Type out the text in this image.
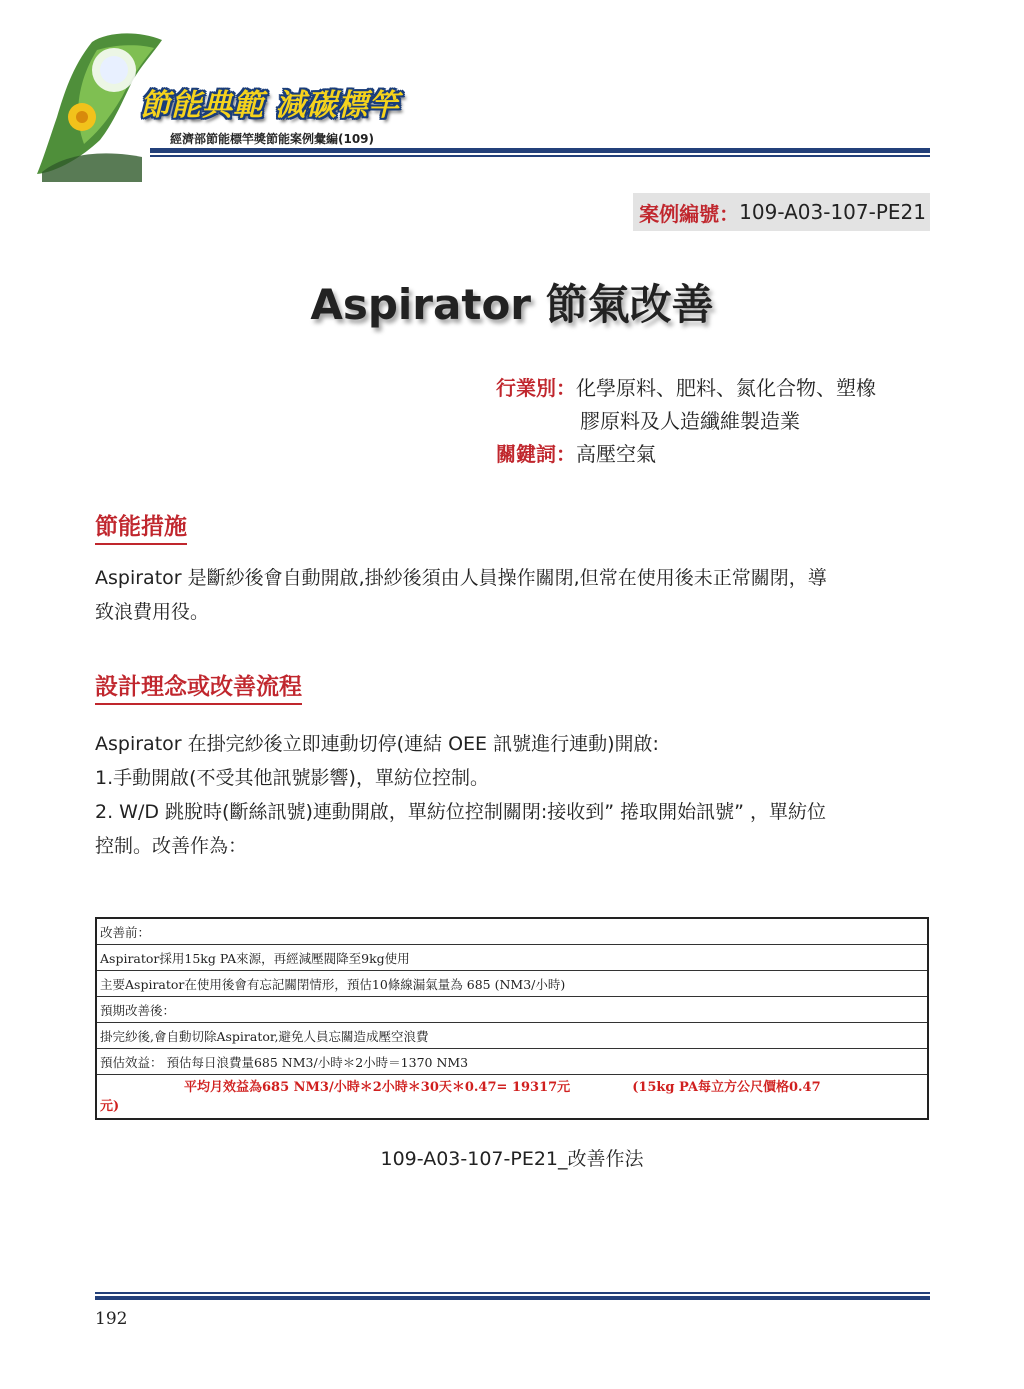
節能典範 減碳標竿
經濟部節能標竿獎節能案例彙編(109)
案例編號： 109-A03-107-PE21
Aspirator 節氣改善
行業別：化學原料、肥料、氮化合物、塑橡
膠原料及人造纖維製造業
關鍵詞：高壓空氣
節能措施

Aspirator 是斷紗後會自動開啟,掛紗後須由人員操作關閉,但常在使用後未正常關閉，導

致浪費用役。

設計理念或改善流程

Aspirator 在掛完紗後立即連動切停(連結 OEE 訊號進行連動)開啟:

1.手動開啟(不受其他訊號影響)，單紡位控制。

2. W/D 跳脫時(斷絲訊號)連動開啟，單紡位控制關閉:接收到” 捲取開始訊號” ，單紡位

控制。改善作為：

改善前：
Aspirator採用15kg PA來源，再經減壓閥降至9kg使用
主要Aspirator在使用後會有忘記關閉情形，預估10條線漏氣量為 685 (NM3/小時)
預期改善後：
掛完紗後,會自動切除Aspirator,避免人員忘關造成壓空浪費
預估效益： 預估每日浪費量685 NM3/小時＊2小時＝1370 NM3
平均月效益為685 NM3/小時＊2小時＊30天＊0.47= 19317元	(15kg PA每立方公尺價格0.47
元)
109-A03-107-PE21_改善作法
192
